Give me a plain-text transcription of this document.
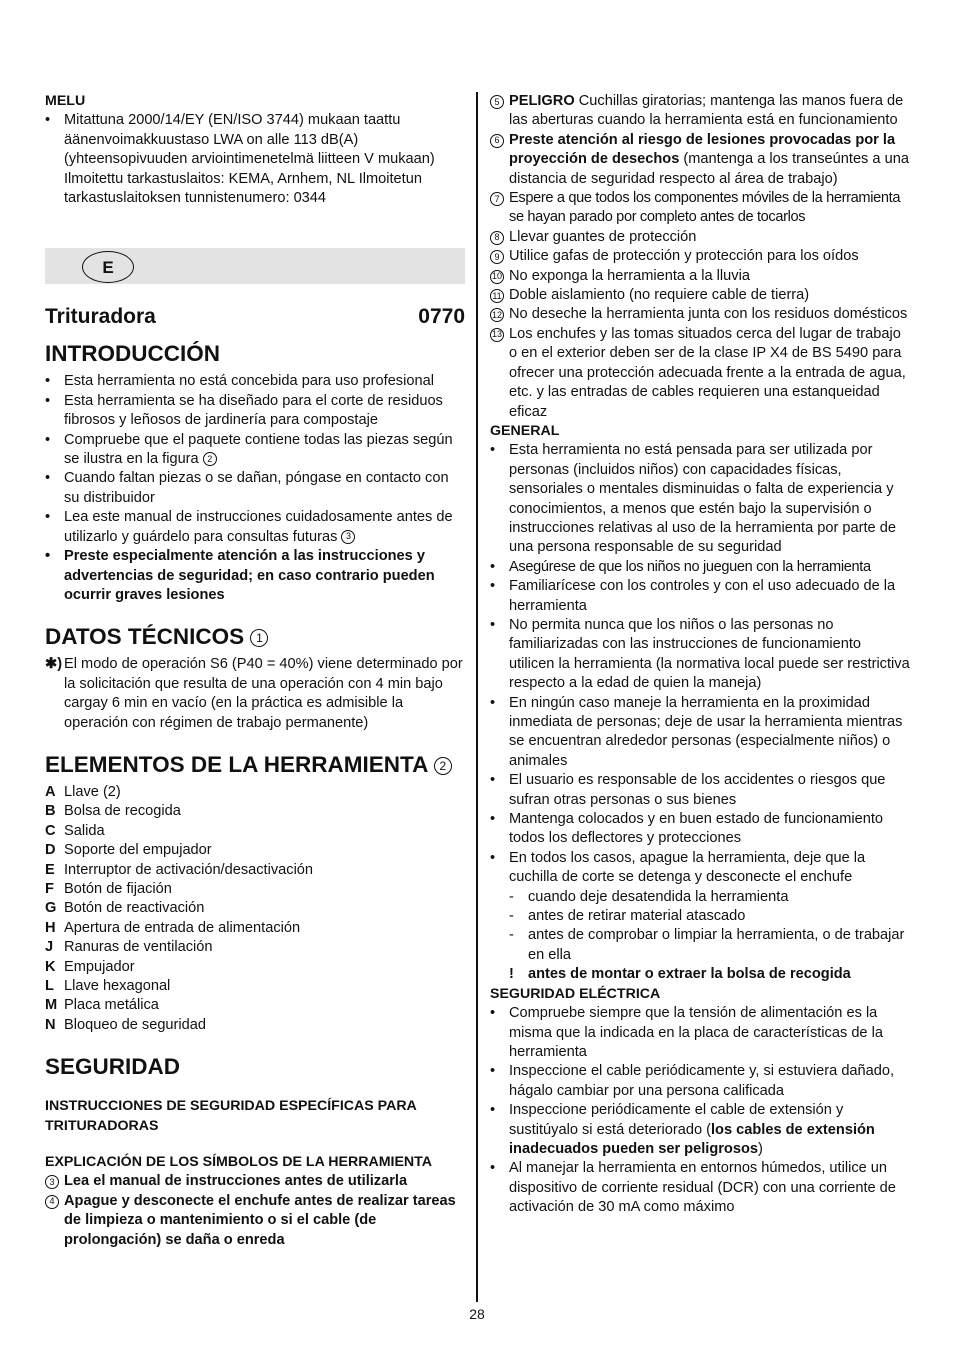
MELU
• Mitattuna 2000/14/EY (EN/ISO 3744) mukaan taattu äänenvoimakkuustaso LWA on alle 113 dB(A) (yhteensopivuuden arviointimenetelmä liitteen V mukaan) Ilmoitettu tarkastuslaitos: KEMA, Arnhem, NL Ilmoitetun tarkastuslaitoksen tunnistenumero: 0344
E
Trituradora	0770
INTRODUCCIÓN
• Esta herramienta no está concebida para uso profesional
• Esta herramienta se ha diseñado para el corte de residuos fibrosos y leñosos de jardinería para compostaje
• Compruebe que el paquete contiene todas las piezas según se ilustra en la figura 2
• Cuando faltan piezas o se dañan, póngase en contacto con su distribuidor
• Lea este manual de instrucciones cuidadosamente antes de utilizarlo y guárdelo para consultas futuras 3
• Preste especialmente atención a las instrucciones y advertencias de seguridad; en caso contrario pueden ocurrir graves lesiones
DATOS TÉCNICOS 1
✱) El modo de operación S6 (P40 = 40%) viene determinado por la solicitación que resulta de una operación con 4 min bajo cargay 6 min en vacío (en la práctica es admisible la operación con régimen de trabajo permanente)
ELEMENTOS DE LA HERRAMIENTA 2
A Llave (2)
B Bolsa de recogida
C Salida
D Soporte del empujador
E Interruptor de activación/desactivación
F Botón de fijación
G Botón de reactivación
H Apertura de entrada de alimentación
J Ranuras de ventilación
K Empujador
L Llave hexagonal
M Placa metálica
N Bloqueo de seguridad
SEGURIDAD
INSTRUCCIONES DE SEGURIDAD ESPECÍFICAS PARA TRITURADORAS
EXPLICACIÓN DE LOS SÍMBOLOS DE LA HERRAMIENTA
3 Lea el manual de instrucciones antes de utilizarla
4 Apague y desconecte el enchufe antes de realizar tareas de limpieza o mantenimiento o si el cable (de prolongación) se daña o enreda
5 PELIGRO Cuchillas giratorias; mantenga las manos fuera de las aberturas cuando la herramienta está en funcionamiento
6 Preste atención al riesgo de lesiones provocadas por la proyección de desechos (mantenga a los transeúntes a una distancia de seguridad respecto al área de trabajo)
7 Espere a que todos los componentes móviles de la herramienta se hayan parado por completo antes de tocarlos
8 Llevar guantes de protección
9 Utilice gafas de protección y protección para los oídos
10 No exponga la herramienta a la lluvia
11 Doble aislamiento (no requiere cable de tierra)
12 No deseche la herramienta junta con los residuos domésticos
13 Los enchufes y las tomas situados cerca del lugar de trabajo o en el exterior deben ser de la clase IP X4 de BS 5490 para ofrecer una protección adecuada frente a la entrada de agua, etc. y las entradas de cables requieren una estanqueidad eficaz
GENERAL
• Esta herramienta no está pensada para ser utilizada por personas (incluidos niños) con capacidades físicas, sensoriales o mentales disminuidas o falta de experiencia y conocimientos, a menos que estén bajo la supervisión o instrucciones relativas al uso de la herramienta por parte de una persona responsable de su seguridad
• Asegúrese de que los niños no jueguen con la herramienta
• Familiarícese con los controles y con el uso adecuado de la herramienta
• No permita nunca que los niños o las personas no familiarizadas con las instrucciones de funcionamiento utilicen la herramienta (la normativa local puede ser restrictiva respecto a la edad de quien la maneja)
• En ningún caso maneje la herramienta en la proximidad inmediata de personas; deje de usar la herramienta mientras se encuentran alrededor personas (especialmente niños) o animales
• El usuario es responsable de los accidentes o riesgos que sufran otras personas o sus bienes
• Mantenga colocados y en buen estado de funcionamiento todos los deflectores y protecciones
• En todos los casos, apague la herramienta, deje que la cuchilla de corte se detenga y desconecte el enchufe
- cuando deje desatendida la herramienta
- antes de retirar material atascado
- antes de comprobar o limpiar la herramienta, o de trabajar en ella
! antes de montar o extraer la bolsa de recogida
SEGURIDAD ELÉCTRICA
• Compruebe siempre que la tensión de alimentación es la misma que la indicada en la placa de características de la herramienta
• Inspeccione el cable periódicamente y, si estuviera dañado, hágalo cambiar por una persona calificada
• Inspeccione periódicamente el cable de extensión y sustitúyalo si está deteriorado (los cables de extensión inadecuados pueden ser peligrosos)
• Al manejar la herramienta en entornos húmedos, utilice un dispositivo de corriente residual (DCR) con una corriente de activación de 30 mA como máximo
28
